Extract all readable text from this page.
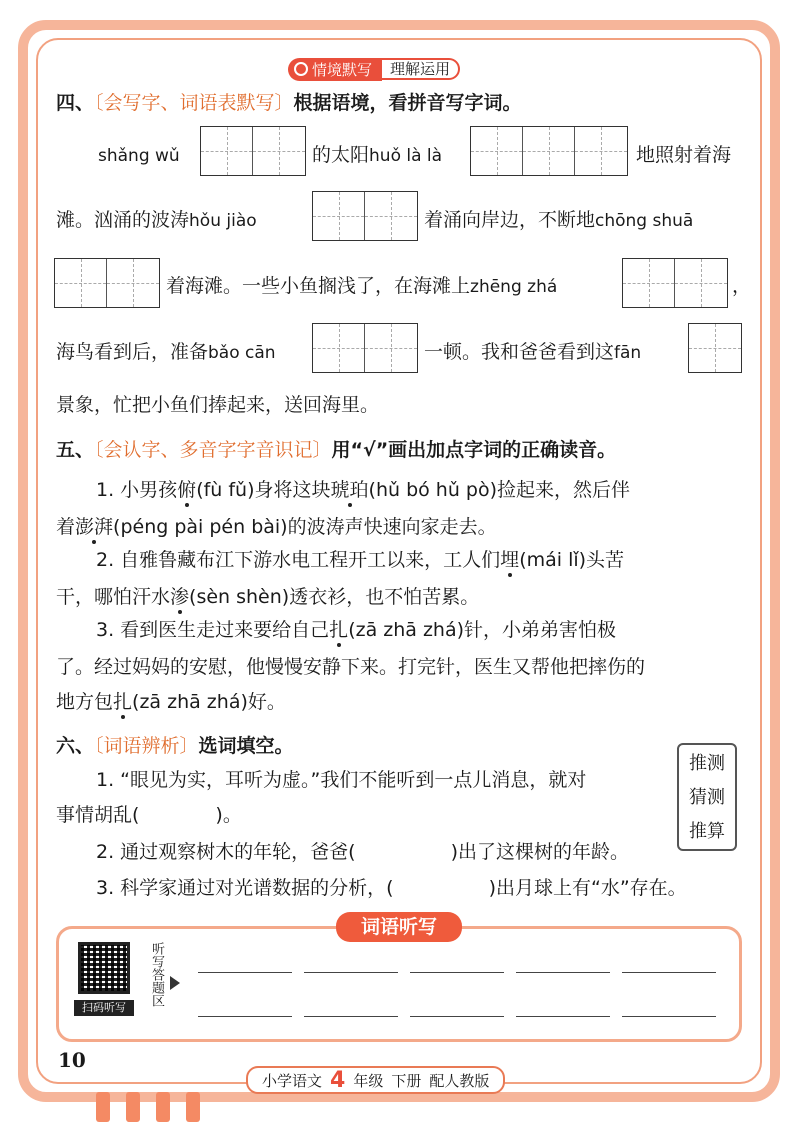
情境默写	理解运用
四、〔会写字、词语表默写〕根据语境，看拼音写字词。
shǎng wǔ	的太阳huǒ là là	地照射着海
滩。汹涌的波涛hǒu jiào	着涌向岸边，不断地chōng shuā
着海滩。一些小鱼搁浅了，在海滩上zhēng zhá	，
海鸟看到后，准备bǎo cān	一顿。我和爸爸看到这fān
景象，忙把小鱼们捧起来，送回海里。
五、〔会认字、多音字字音识记〕用“√”画出加点字词的正确读音。
1. 小男孩俯(fù fǔ)身将这块琥珀(hǔ bó hǔ pò)捡起来，然后伴
着澎湃(péng pài pén bài)的波涛声快速向家走去。
2. 自雅鲁藏布江下游水电工程开工以来，工人们埋(mái lǐ)头苦
干，哪怕汗水渗(sèn shèn)透衣衫，也不怕苦累。
3. 看到医生走过来要给自己扎(zā zhā zhá)针，小弟弟害怕极
了。经过妈妈的安慰，他慢慢安静下来。打完针，医生又帮他把摔伤的
地方包扎(zā zhā zhá)好。
六、〔词语辨析〕选词填空。
1. “眼见为实，耳听为虚。”我们不能听到一点儿消息，就对
事情胡乱(　　　　)。
2. 通过观察树木的年轮，爸爸(　　　　　)出了这棵树的年龄。
3. 科学家通过对光谱数据的分析，(　　　　　)出月球上有“水”存在。
推测
猜测
推算
词语听写
扫码听写
听写答题区
10
小学语文 4 年级 下册 配人教版
